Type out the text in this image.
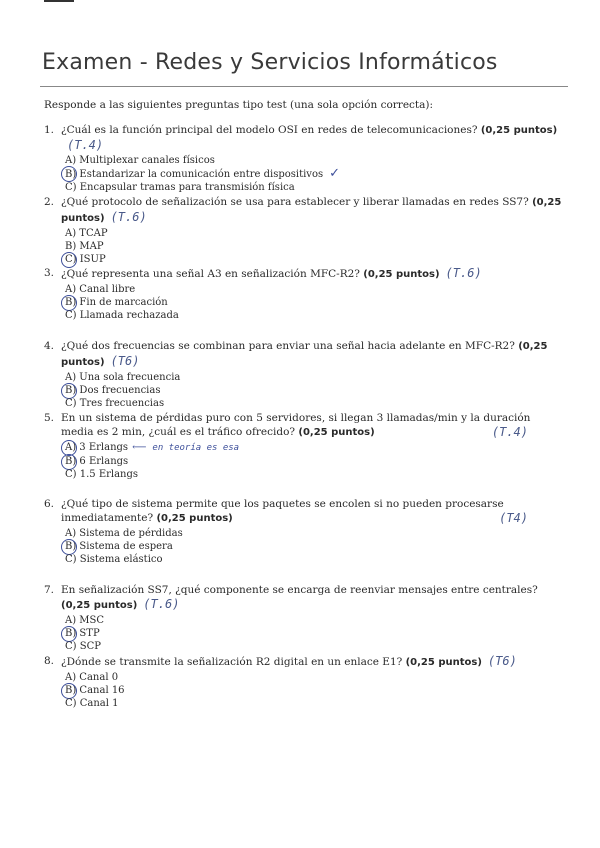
Examen - Redes y Servicios Informáticos
Responde a las siguientes preguntas tipo test (una sola opción correcta):
1. ¿Cuál es la función principal del modelo OSI en redes de telecomunicaciones? (0,25 puntos)(T.4)
A) Multiplexar canales físicos
B) Estandarizar la comunicación entre dispositivos ✓
C) Encapsular tramas para transmisión física
2. ¿Qué protocolo de señalización se usa para establecer y liberar llamadas en redes SS7? (0,25 puntos) (T.6)
A) TCAP
B) MAP
C) ISUP
3. ¿Qué representa una señal A3 en señalización MFC-R2? (0,25 puntos) (T.6)
A) Canal libre
B) Fin de marcación
C) Llamada rechazada
4. ¿Qué dos frecuencias se combinan para enviar una señal hacia adelante en MFC-R2? (0,25 puntos) (T6)
A) Una sola frecuencia
B) Dos frecuencias
C) Tres frecuencias
5. En un sistema de pérdidas puro con 5 servidores, si llegan 3 llamadas/min y la duración media es 2 min, ¿cuál es el tráfico ofrecido? (0,25 puntos)	(T.4)
A) 3 Erlangs ⟵ en teoría es esa
B) 6 Erlangs
C) 1.5 Erlangs
6. ¿Qué tipo de sistema permite que los paquetes se encolen si no pueden procesarse inmediatamente? (0,25 puntos)	(T4)
A) Sistema de pérdidas
B) Sistema de espera
C) Sistema elástico
7. En señalización SS7, ¿qué componente se encarga de reenviar mensajes entre centrales? (0,25 puntos) (T.6)
A) MSC
B) STP
C) SCP
8. ¿Dónde se transmite la señalización R2 digital en un enlace E1? (0,25 puntos) (T6)
A) Canal 0
B) Canal 16
C) Canal 1
